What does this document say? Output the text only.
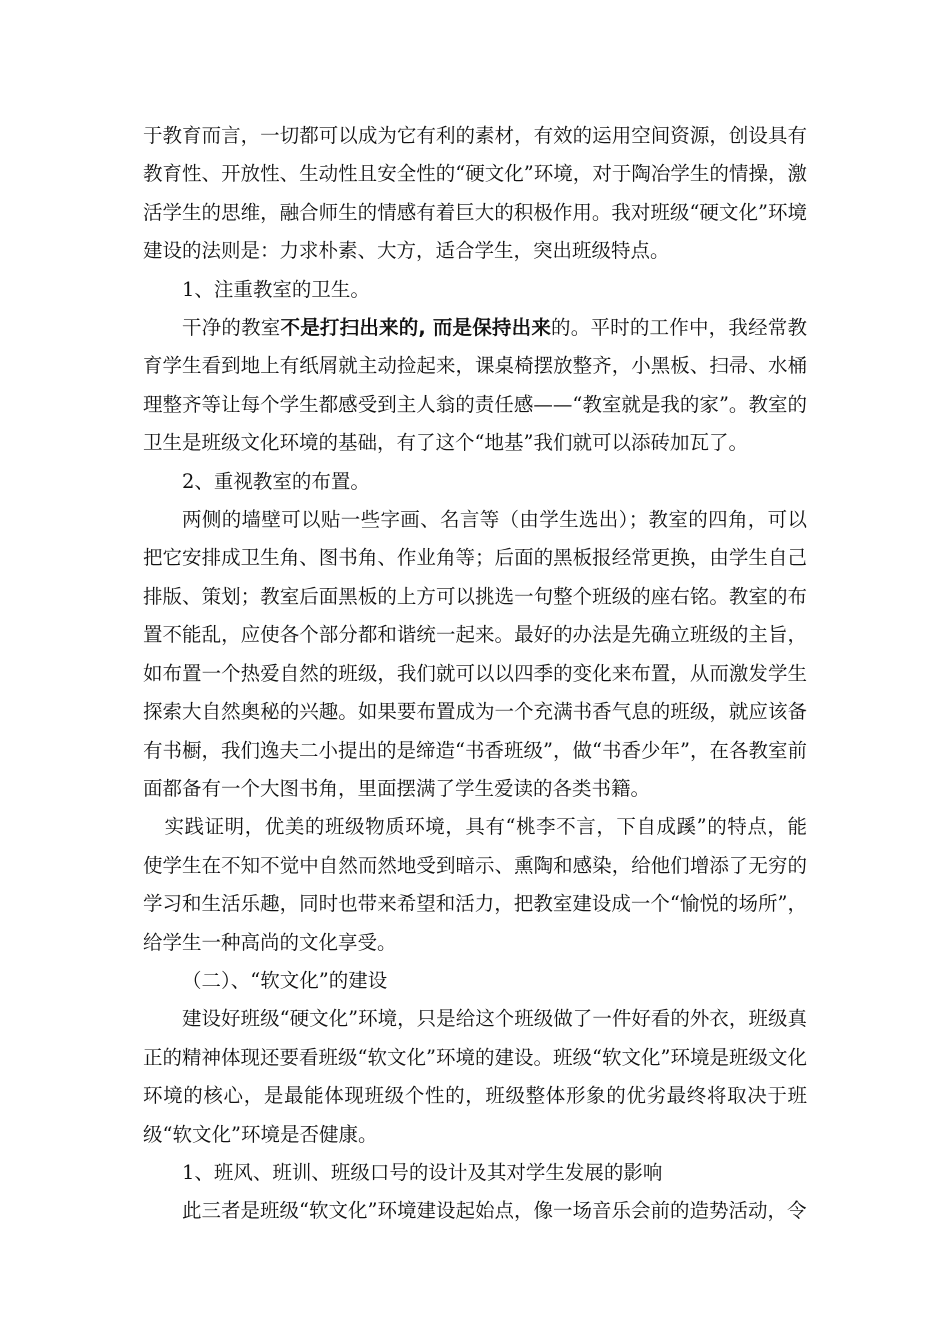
于教育而言，一切都可以成为它有利的素材，有效的运用空间资源，创设具有教育性、开放性、生动性且安全性的“硬文化”环境，对于陶冶学生的情操，激活学生的思维，融合师生的情感有着巨大的积极作用。我对班级“硬文化”环境建设的法则是：力求朴素、大方，适合学生，突出班级特点。

1、注重教室的卫生。

干净的教室不是打扫出来的, 而是保持出来的。平时的工作中，我经常教育学生看到地上有纸屑就主动捡起来，课桌椅摆放整齐，小黑板、扫帚、水桶理整齐等让每个学生都感受到主人翁的责任感——“教室就是我的家”。教室的卫生是班级文化环境的基础，有了这个“地基”我们就可以添砖加瓦了。

2、重视教室的布置。

两侧的墙壁可以贴一些字画、名言等（由学生选出）；教室的四角，可以把它安排成卫生角、图书角、作业角等；后面的黑板报经常更换，由学生自己排版、策划；教室后面黑板的上方可以挑选一句整个班级的座右铭。教室的布置不能乱，应使各个部分都和谐统一起来。最好的办法是先确立班级的主旨，如布置一个热爱自然的班级，我们就可以以四季的变化来布置，从而激发学生探索大自然奥秘的兴趣。如果要布置成为一个充满书香气息的班级，就应该备有书橱，我们逸夫二小提出的是缔造“书香班级”，做“书香少年”，在各教室前面都备有一个大图书角，里面摆满了学生爱读的各类书籍。

实践证明，优美的班级物质环境，具有“桃李不言，下自成蹊”的特点，能使学生在不知不觉中自然而然地受到暗示、熏陶和感染，给他们增添了无穷的学习和生活乐趣，同时也带来希望和活力，把教室建设成一个“愉悦的场所”，给学生一种高尚的文化享受。

（二）、“软文化”的建设

建设好班级“硬文化”环境，只是给这个班级做了一件好看的外衣，班级真正的精神体现还要看班级“软文化”环境的建设。班级“软文化”环境是班级文化环境的核心，是最能体现班级个性的，班级整体形象的优劣最终将取决于班级“软文化”环境是否健康。

1、班风、班训、班级口号的设计及其对学生发展的影响

此三者是班级“软文化”环境建设起始点，像一场音乐会前的造势活动，令
